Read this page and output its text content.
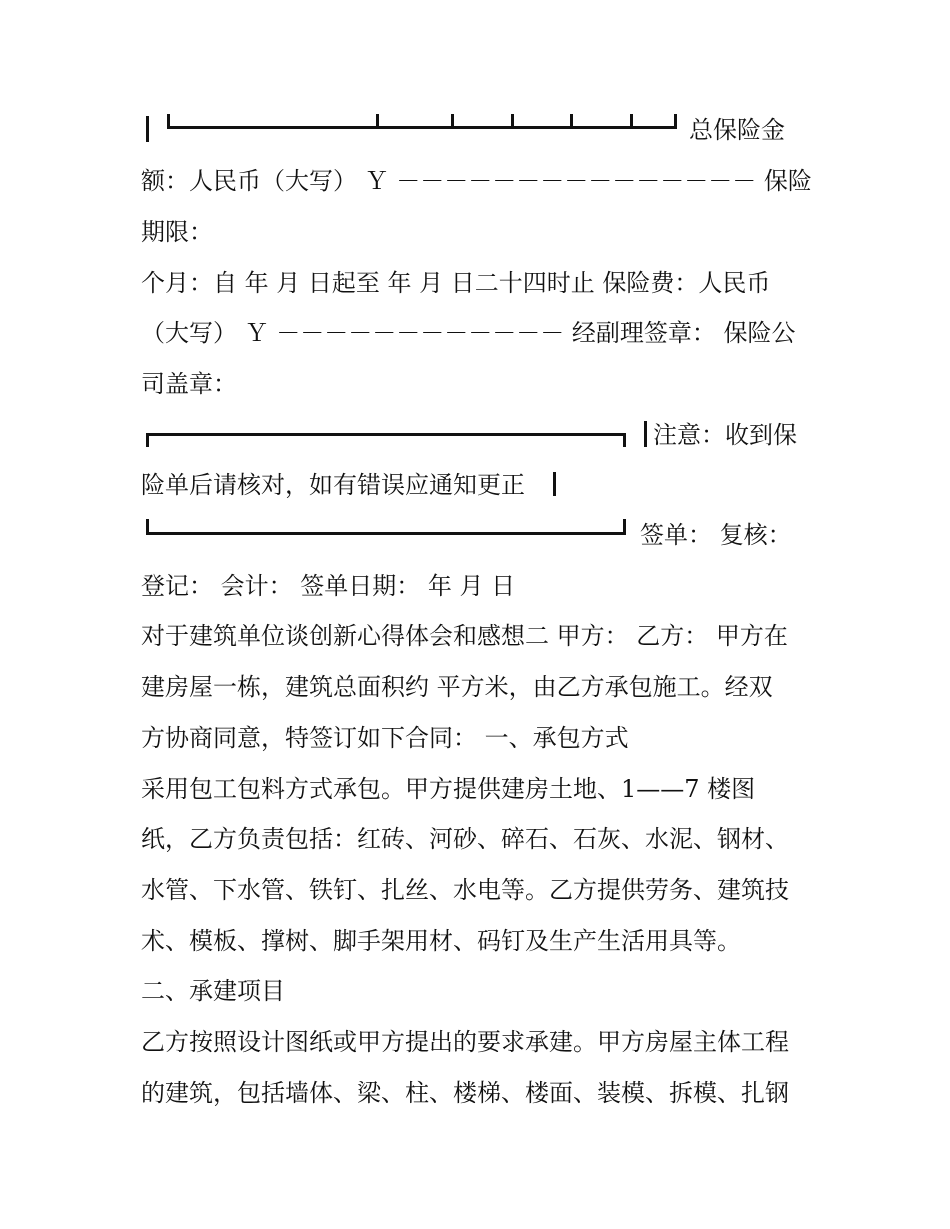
总保险金
额：人民币（大写） Ｙ －－－－－－－－－－－－－－－ 保险
期限：
个月：自 年 月 日起至 年 月 日二十四时止 保险费：人民币
（大写） Ｙ －－－－－－－－－－－－ 经副理签章： 保险公
司盖章：
注意：收到保
险单后请核对，如有错误应通知更正
签单： 复核：
登记： 会计： 签单日期： 年 月 日
对于建筑单位谈创新心得体会和感想二 甲方： 乙方： 甲方在
建房屋一栋，建筑总面积约 平方米，由乙方承包施工。经双
方协商同意，特签订如下合同： 一、承包方式
采用包工包料方式承包。甲方提供建房土地、1——7 楼图
纸，乙方负责包括：红砖、河砂、碎石、石灰、水泥、钢材、
水管、下水管、铁钉、扎丝、水电等。乙方提供劳务、建筑技
术、模板、撑树、脚手架用材、码钉及生产生活用具等。
二、承建项目
乙方按照设计图纸或甲方提出的要求承建。甲方房屋主体工程
的建筑，包括墙体、梁、柱、楼梯、楼面、装模、拆模、扎钢
